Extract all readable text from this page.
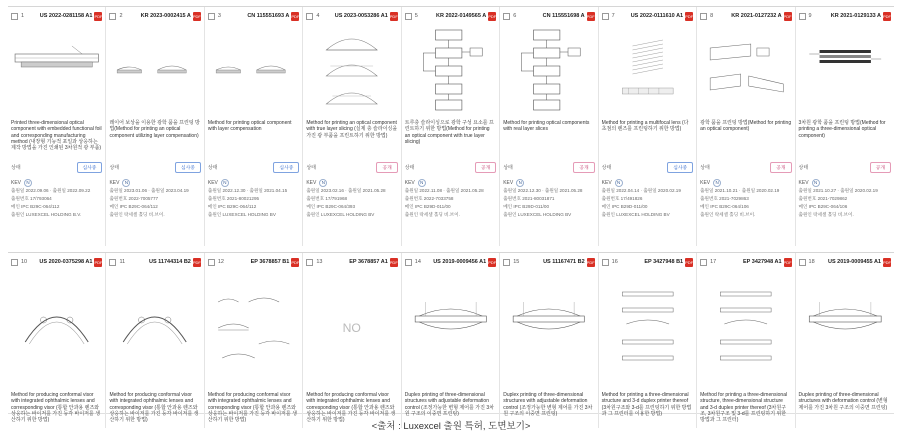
1	US 2022-0281158 A1 PDF
Printed three-dimensional optical component with embedded functional foil and corresponding manufacturing method (내장형 기능적 포일과 상응하는 제작 방법을 가진 인쇄된 3차원적 광 부품)
상태	심사중
KEV	N
출원일 2022.09.06 · 출원일 2022.09.22
출원번호 17/793064
메인 IPC B29C-064/112
출원인 LUXEXCEL HOLDING B.V.
2	KR 2023-0002415 A PDF
레이어 보상을 이용한 광학 품을 프린팅 방법(Method for printing an optical component utilizing layer compensation)
상태	심사중
KEV	N
출원일 2023.01.06 · 출원일 2023.04.19
출원번호 2022-7005777
메인 IPC B29C-064/112
출원인 락세셀 홀딩 비.브이.
3	CN 115551693 A PDF
Method for printing optical component with layer compensation
상태	심사중
KEV	N
출원일 2022.12.30 · 출원일 2021.04.15
출원번호 2021-80021295
메인 IPC B29C-064/112
출원인 LUXEXCEL HOLDING BV
4	US 2023-0053286 A1 PDF
Method for printing an optical component with true layer slicing (실제 층 슬라이싱을 가진 광 부품을 프린트하기 위한 방법)
상태	공개
KEV	N
출원일 2023.02.16 · 출원일 2021.05.28
출원번호 17/791968
메인 IPC B29C-064/393
출원인 LUXEXCEL HOLDING BV
5	KR 2022-0149565 A PDF
트루층 슬라이싱으로 광학 구성 요소를 프린트하기 위한 방법(Method for printing an optical component with true layer slicing)
상태	공개
KEV	N
출원일 2022.11.08 · 출원일 2021.05.28
출원번호 2022-7033758
메인 IPC B29D-011/00
출원인 락세셀 홀딩 비.브이.
6	CN 115551698 A PDF
Method for printing optical components with real layer slices
상태	공개
KEV	N
출원일 2022.12.30 · 출원일 2021.05.28
출원번호 2021-80031871
메인 IPC B29D-011/00
출원인 LUXEXCEL HOLDING BV
7	US 2022-0111610 A1 PDF
Method for printing a multifocal lens (다초점의 렌즈를 프린팅하기 위한 방법)
상태	심사중
KEV	N
출원일 2022.04.14 · 출원일 2020.02.19
출원번호 17/491826
메인 IPC B29D-011/00
출원인 LUXEXCEL HOLDING BV
8	KR 2021-0127232 A PDF
광학 품을 프린팅 방법(Method for printing an optical component)
상태	공개
KEV	N
출원일 2021.10.21 · 출원일 2020.02.19
출원번호 2021-7029863
메인 IPC B29C-064/106
출원인 락세셀 홀딩 비.브이.
9	KR 2021-0129133 A PDF
3차원 광학 품을 프린팅 방법(Method for printing a three-dimensional optical component)
상태	공개
KEV	N
출원일 2021.10.27 · 출원일 2020.02.19
출원번호 2021-7029862
메인 IPC B29C-064/106
출원인 락세셀 홀딩 비.브이.
10 US 2020-0375298 A1 PDF
Method for producing conformal visor with integrated ophthalmic lenses and corresponding visor (통합 안과용 렌즈와 상응하는 바이저를 가진 등각 바이저를 생산하기 위한 방법)
11	US 11744314 B2 PDF
Method for producing conformal visor with integrated ophthalmic lenses and corresponding visor (통합 안과용 렌즈와 상응하는 바이저를 가진 등각 바이저를 생산하기 위한 방법)
12	EP 3678857 B1 PDF
Method for producing conformal visor with integrated ophthalmic lenses and corresponding visor (통합 안과용 렌즈와 상응하는 바이저를 가진 등각 바이저를 생산하기 위한 방법)
13	EP 3678857 A1 PDF
NO
Method for producing conformal visor with integrated ophthalmic lenses and corresponding visor (통합 안과용 렌즈와 상응하는 바이저를 가진 등각 바이저를 생산하기 위한 방법)
14 US 2019-0009456 A1 PDF
Duplex printing of three-dimensional structures with adjustable deformation control (조정가능한 변형 제어를 가진 3차원 구조의 이중면 프린팅)
15	US 11167471 B2 PDF
Duplex printing of three-dimensional structures with adjustable deformation control (조정가능한 변형 제어를 가진 3차원 구조의 이중면 프린팅)
16	EP 3427948 B1 PDF
Method for printing a three-dimensional structure and 3-d duplex printer thereof (3차원구조와 3-d를 프린팅하기 위한 방법과 그 프린터를 이용한 방법)
17	EP 3427948 A1 PDF
Method for printing a three-dimensional structure, three-dimensional structure and 3-d duplex printer thereof (3차원구조, 3차원구조 및 3-d를 프린팅하기 위한 방법과 그 프린터)
18 US 2019-0009455 A1 PDF
Duplex printing of three-dimensional structures with deformation control (변형 제어를 가진 3차원 구조의 이중면 프린팅)
<출처 : Luxexcel 출원 특허, 도면보기>
